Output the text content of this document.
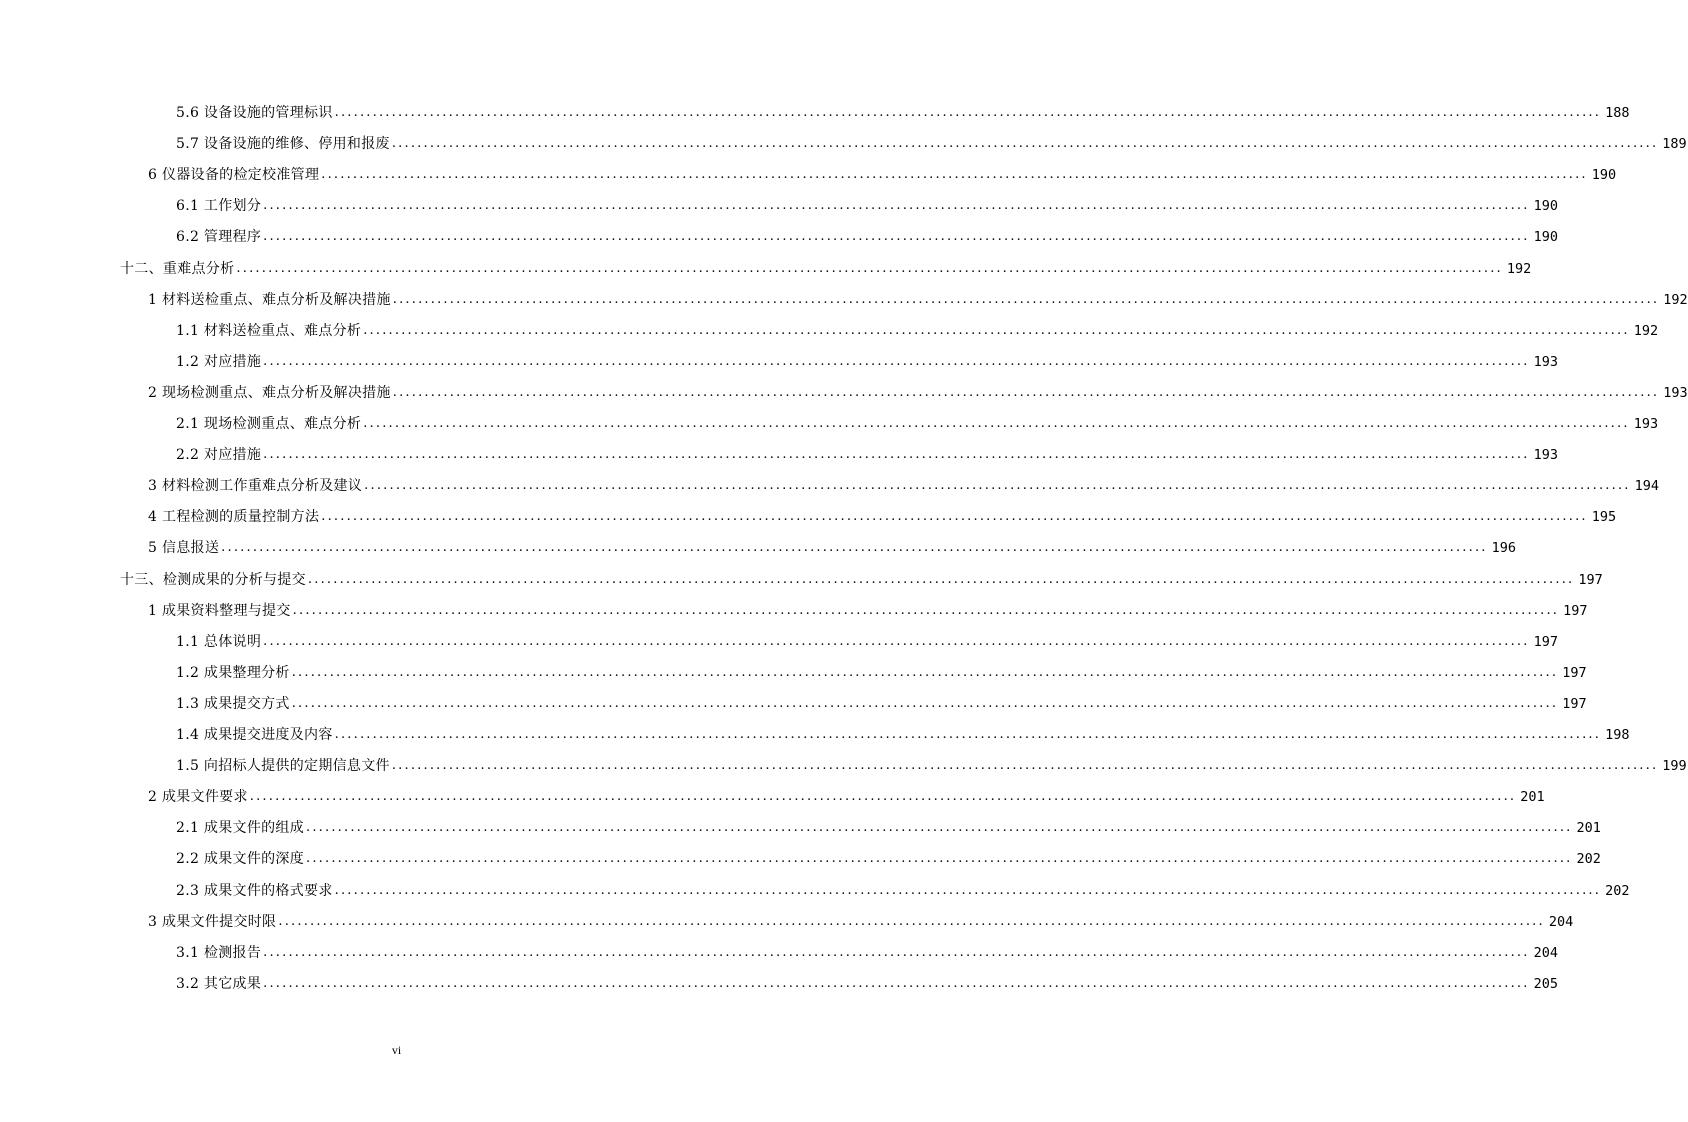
5.6 设备设施的管理标识 ........................................................................................................................................................................................................ 188
5.7 设备设施的维修、停用和报废 ........................................................................................................................................................................................................ 189
6 仪器设备的检定校准管理 ........................................................................................................................................................................................................ 190
6.1 工作划分 ........................................................................................................................................................................................................ 190
6.2 管理程序 ........................................................................................................................................................................................................ 190
十二、重难点分析 ........................................................................................................................................................................................................ 192
1 材料送检重点、难点分析及解决措施 ........................................................................................................................................................................................................ 192
1.1 材料送检重点、难点分析 ........................................................................................................................................................................................................ 192
1.2 对应措施 ........................................................................................................................................................................................................ 193
2 现场检测重点、难点分析及解决措施 ........................................................................................................................................................................................................ 193
2.1 现场检测重点、难点分析 ........................................................................................................................................................................................................ 193
2.2 对应措施 ........................................................................................................................................................................................................ 193
3 材料检测工作重难点分析及建议 ........................................................................................................................................................................................................ 194
4 工程检测的质量控制方法 ........................................................................................................................................................................................................ 195
5 信息报送 ........................................................................................................................................................................................................ 196
十三、检测成果的分析与提交 ........................................................................................................................................................................................................ 197
1 成果资料整理与提交 ........................................................................................................................................................................................................ 197
1.1 总体说明 ........................................................................................................................................................................................................ 197
1.2 成果整理分析 ........................................................................................................................................................................................................ 197
1.3 成果提交方式 ........................................................................................................................................................................................................ 197
1.4 成果提交进度及内容 ........................................................................................................................................................................................................ 198
1.5 向招标人提供的定期信息文件 ........................................................................................................................................................................................................ 199
2 成果文件要求 ........................................................................................................................................................................................................ 201
2.1 成果文件的组成 ........................................................................................................................................................................................................ 201
2.2 成果文件的深度 ........................................................................................................................................................................................................ 202
2.3 成果文件的格式要求 ........................................................................................................................................................................................................ 202
3 成果文件提交时限 ........................................................................................................................................................................................................ 204
3.1 检测报告 ........................................................................................................................................................................................................ 204
3.2 其它成果 ........................................................................................................................................................................................................ 205
vi
